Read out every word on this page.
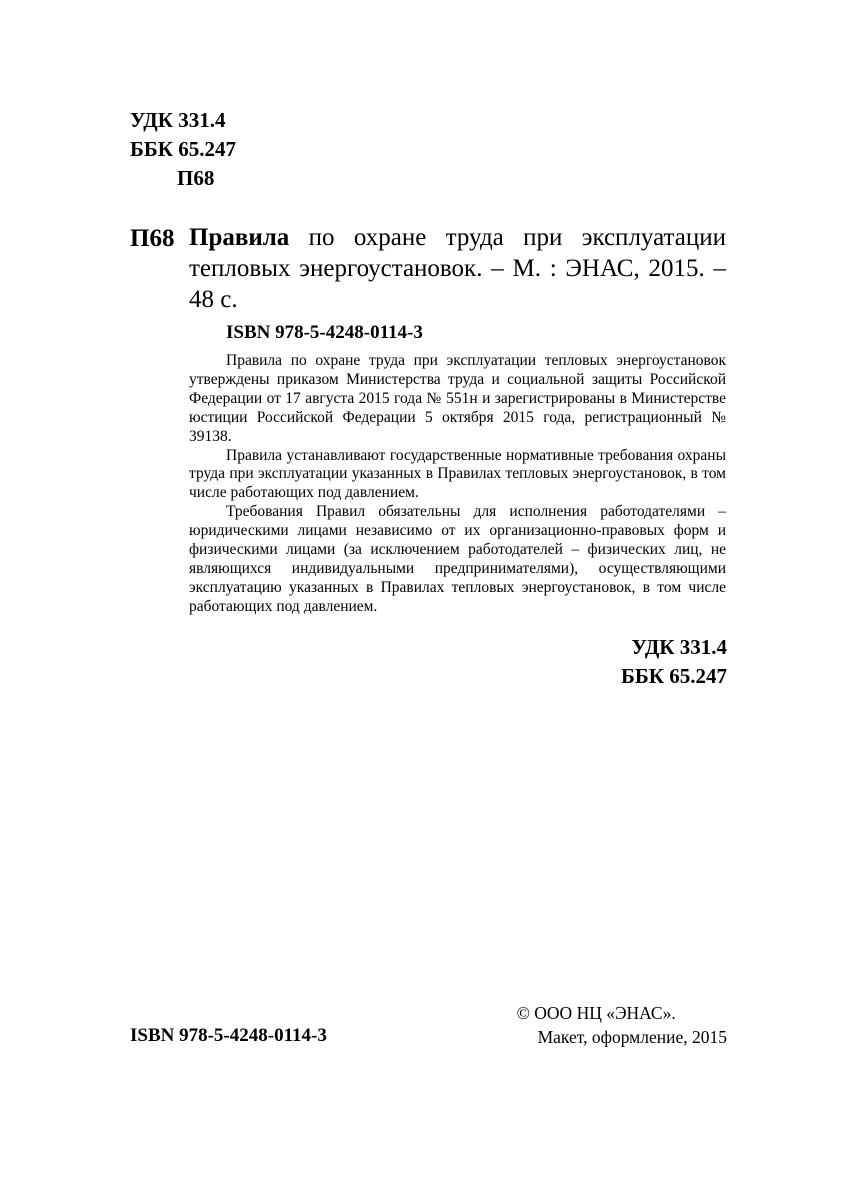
УДК 331.4
ББК 65.247
П68
П68 Правила по охране труда при эксплуатации тепловых энергоустановок. – М. : ЭНАС, 2015. – 48 с.
ISBN 978-5-4248-0114-3

Правила по охране труда при эксплуатации тепловых энергоустановок утверждены приказом Министерства труда и социальной защиты Российской Федерации от 17 августа 2015 года № 551н и зарегистрированы в Министерстве юстиции Российской Федерации 5 октября 2015 года, регистрационный № 39138.

Правила устанавливают государственные нормативные требования охраны труда при эксплуатации указанных в Правилах тепловых энергоустановок, в том числе работающих под давлением.

Требования Правил обязательны для исполнения работодателями – юридическими лицами независимо от их организационно-правовых форм и физическими лицами (за исключением работодателей – физических лиц, не являющихся индивидуальными предпринимателями), осуществляющими эксплуатацию указанных в Правилах тепловых энергоустановок, в том числе работающих под давлением.

УДК 331.4
ББК 65.247
ISBN 978-5-4248-0114-3
© ООО НЦ «ЭНАС».
Макет, оформление, 2015
